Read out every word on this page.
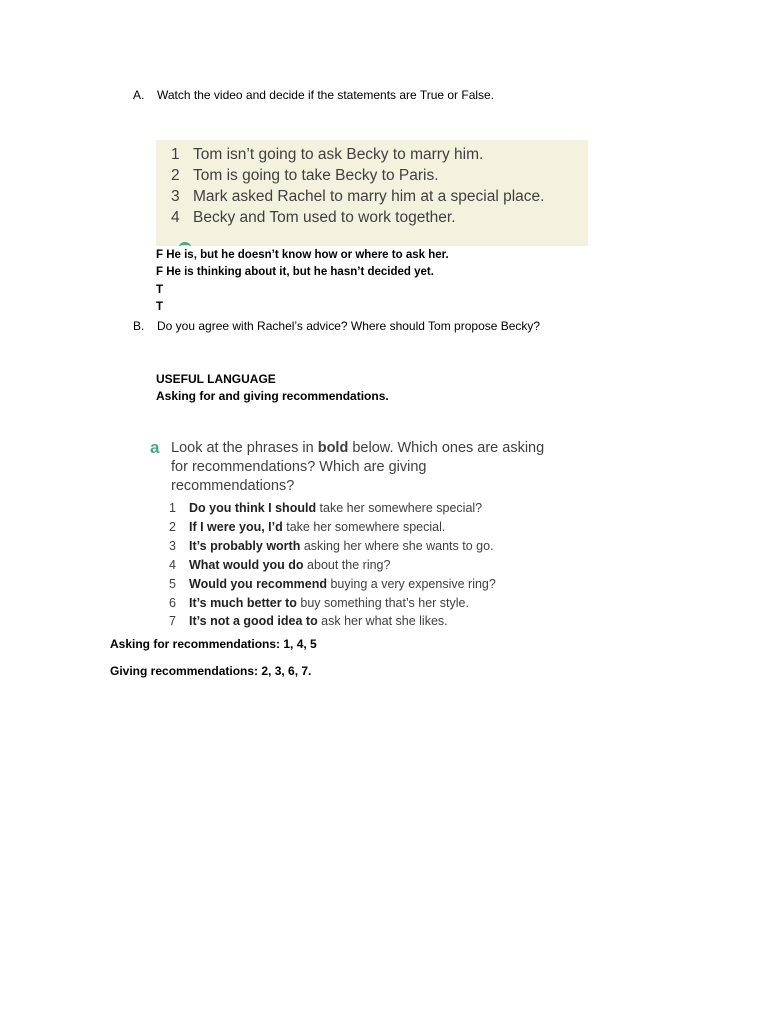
A.	Watch the video and decide if the statements are True or False.
1 Tom isn’t going to ask Becky to marry him.
2 Tom is going to take Becky to Paris.
3 Mark asked Rachel to marry him at a special place.
4 Becky and Tom used to work together.
F He is, but he doesn’t know how or where to ask her.
F He is thinking about it, but he hasn’t decided yet.
T
T
B.	Do you agree with Rachel’s advice? Where should Tom propose Becky?
USEFUL LANGUAGE
Asking for and giving recommendations.
a Look at the phrases in bold below. Which ones are asking for recommendations? Which are giving recommendations?
1 Do you think I should take her somewhere special?
2 If I were you, I’d take her somewhere special.
3 It’s probably worth asking her where she wants to go.
4 What would you do about the ring?
5 Would you recommend buying a very expensive ring?
6 It’s much better to buy something that’s her style.
7 It’s not a good idea to ask her what she likes.
Asking for recommendations: 1, 4, 5
Giving recommendations: 2, 3, 6, 7.
